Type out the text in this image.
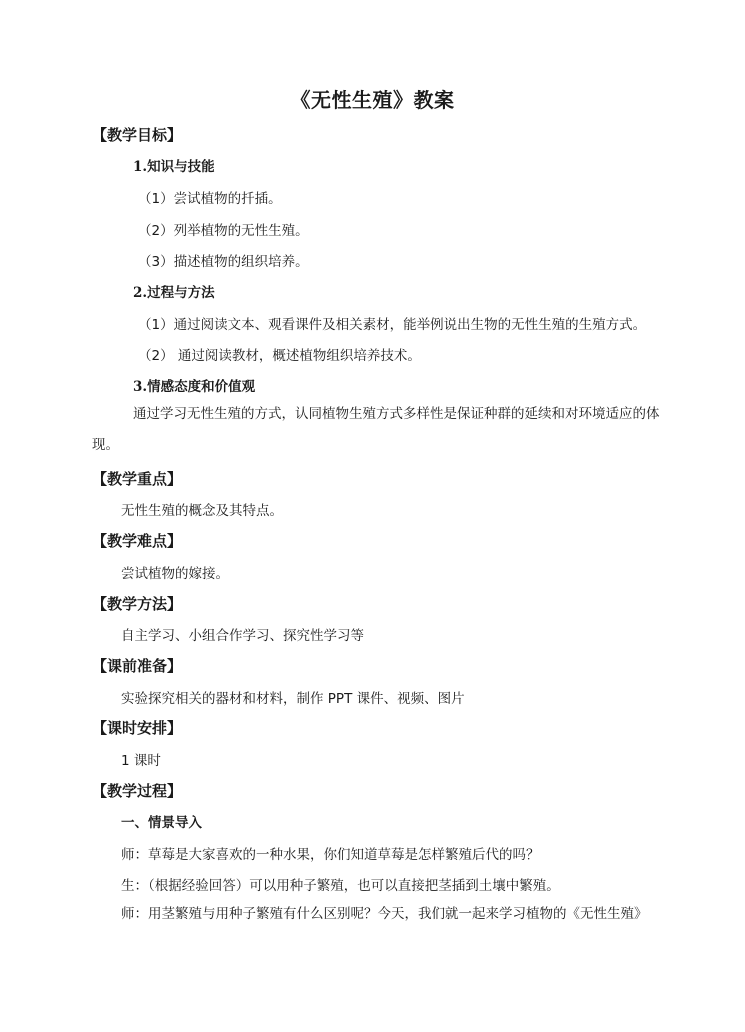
《无性生殖》教案
【教学目标】
1.知识与技能
（1）尝试植物的扦插。
（2）列举植物的无性生殖。
（3）描述植物的组织培养。
2.过程与方法
（1）通过阅读文本、观看课件及相关素材，能举例说出生物的无性生殖的生殖方式。
（2） 通过阅读教材，概述植物组织培养技术。
3.情感态度和价值观
通过学习无性生殖的方式，认同植物生殖方式多样性是保证种群的延续和对环境适应的体现。
【教学重点】
无性生殖的概念及其特点。
【教学难点】
尝试植物的嫁接。
【教学方法】
自主学习、小组合作学习、探究性学习等
【课前准备】
实验探究相关的器材和材料，制作 PPT 课件、视频、图片
【课时安排】
1 课时
【教学过程】
一、情景导入
师：草莓是大家喜欢的一种水果，你们知道草莓是怎样繁殖后代的吗？
生：（根据经验回答）可以用种子繁殖，也可以直接把茎插到土壤中繁殖。
师：用茎繁殖与用种子繁殖有什么区别呢？今天，我们就一起来学习植物的《无性生殖》
